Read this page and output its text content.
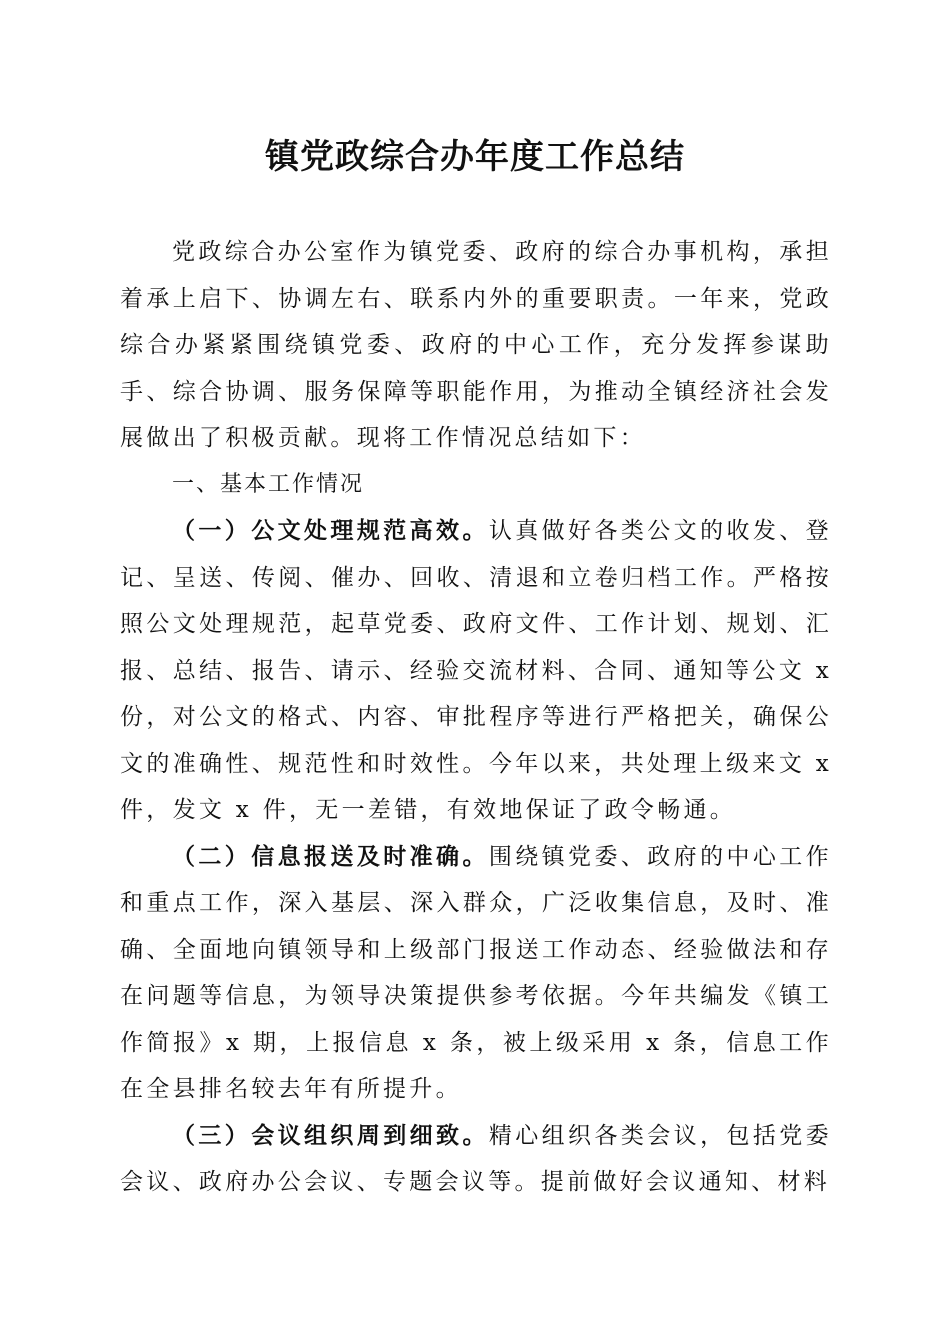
镇党政综合办年度工作总结

党政综合办公室作为镇党委、政府的综合办事机构，承担着承上启下、协调左右、联系内外的重要职责。一年来，党政综合办紧紧围绕镇党委、政府的中心工作，充分发挥参谋助手、综合协调、服务保障等职能作用，为推动全镇经济社会发展做出了积极贡献。现将工作情况总结如下：

一、基本工作情况

（一）公文处理规范高效。认真做好各类公文的收发、登记、呈送、传阅、催办、回收、清退和立卷归档工作。严格按照公文处理规范，起草党委、政府文件、工作计划、规划、汇报、总结、报告、请示、经验交流材料、合同、通知等公文 x 份，对公文的格式、内容、审批程序等进行严格把关，确保公文的准确性、规范性和时效性。今年以来，共处理上级来文 x 件，发文 x 件，无一差错，有效地保证了政令畅通。

（二）信息报送及时准确。围绕镇党委、政府的中心工作和重点工作，深入基层、深入群众，广泛收集信息，及时、准确、全面地向镇领导和上级部门报送工作动态、经验做法和存在问题等信息，为领导决策提供参考依据。今年共编发《镇工作简报》x 期，上报信息 x 条，被上级采用 x 条，信息工作在全县排名较去年有所提升。

（三）会议组织周到细致。精心组织各类会议，包括党委会议、政府办公会议、专题会议等。提前做好会议通知、材料
